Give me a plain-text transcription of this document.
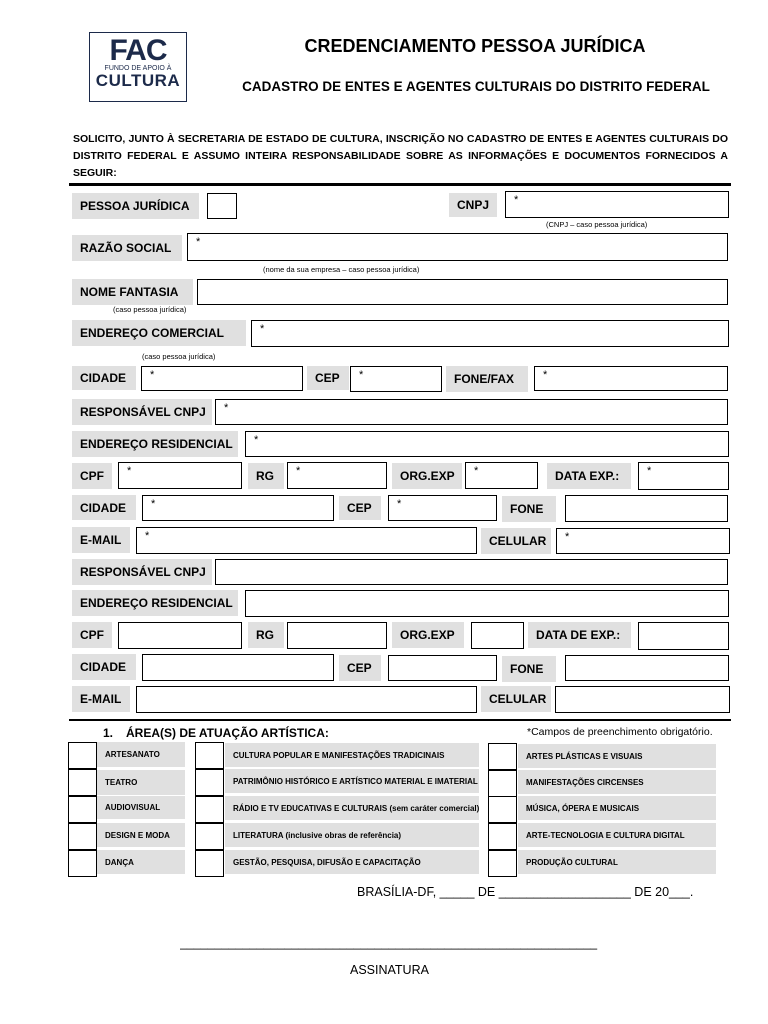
FAC
FUNDO DE APOIO À
CULTURA
CREDENCIAMENTO PESSOA JURÍDICA
CADASTRO DE ENTES E AGENTES CULTURAIS DO DISTRITO FEDERAL
SOLICITO, JUNTO À SECRETARIA DE ESTADO DE CULTURA, INSCRIÇÃO NO CADASTRO DE ENTES E AGENTES CULTURAIS DO DISTRITO FEDERAL E ASSUMO INTEIRA RESPONSABILIDADE SOBRE AS INFORMAÇÕES E DOCUMENTOS FORNECIDOS A SEGUIR:
PESSOA JURÍDICA	CNPJ	*
(CNPJ – caso pessoa jurídica)
RAZÃO SOCIAL	*
(nome da sua empresa – caso pessoa jurídica)
NOME FANTASIA
(caso pessoa jurídica)
ENDEREÇO COMERCIAL	*
(caso pessoa jurídica)
CIDADE	*	CEP	*	FONE/FAX	*
RESPONSÁVEL CNPJ	*
ENDEREÇO RESIDENCIAL	*
CPF	*	RG	*	ORG.EXP	*	DATA EXP.:	*
CIDADE	*	CEP	*	FONE
E-MAIL	*	CELULAR	*
RESPONSÁVEL CNPJ
ENDEREÇO RESIDENCIAL
CPF	RG	ORG.EXP	DATA DE EXP.:
CIDADE	CEP	FONE
E-MAIL	CELULAR
1. ÁREA(S) DE ATUAÇÃO ARTÍSTICA:	*Campos de preenchimento obrigatório.
ARTESANATO
TEATRO
AUDIOVISUAL
DESIGN E MODA
DANÇA
CULTURA POPULAR E MANIFESTAÇÕES TRADICINAIS
PATRIMÔNIO HISTÓRICO E ARTÍSTICO MATERIAL E IMATERIAL
RÁDIO E TV EDUCATIVAS E CULTURAIS (sem caráter comercial)
LITERATURA (inclusive obras de referência)
GESTÃO, PESQUISA, DIFUSÃO E CAPACITAÇÃO
ARTES PLÁSTICAS E VISUAIS
MANIFESTAÇÕES CIRCENSES
MÚSICA, ÓPERA E MUSICAIS
ARTE-TECNOLOGIA E CULTURA DIGITAL
PRODUÇÃO CULTURAL
BRASÍLIA-DF, _____ DE ___________________ DE 20___.
____________________________________________________________
ASSINATURA
